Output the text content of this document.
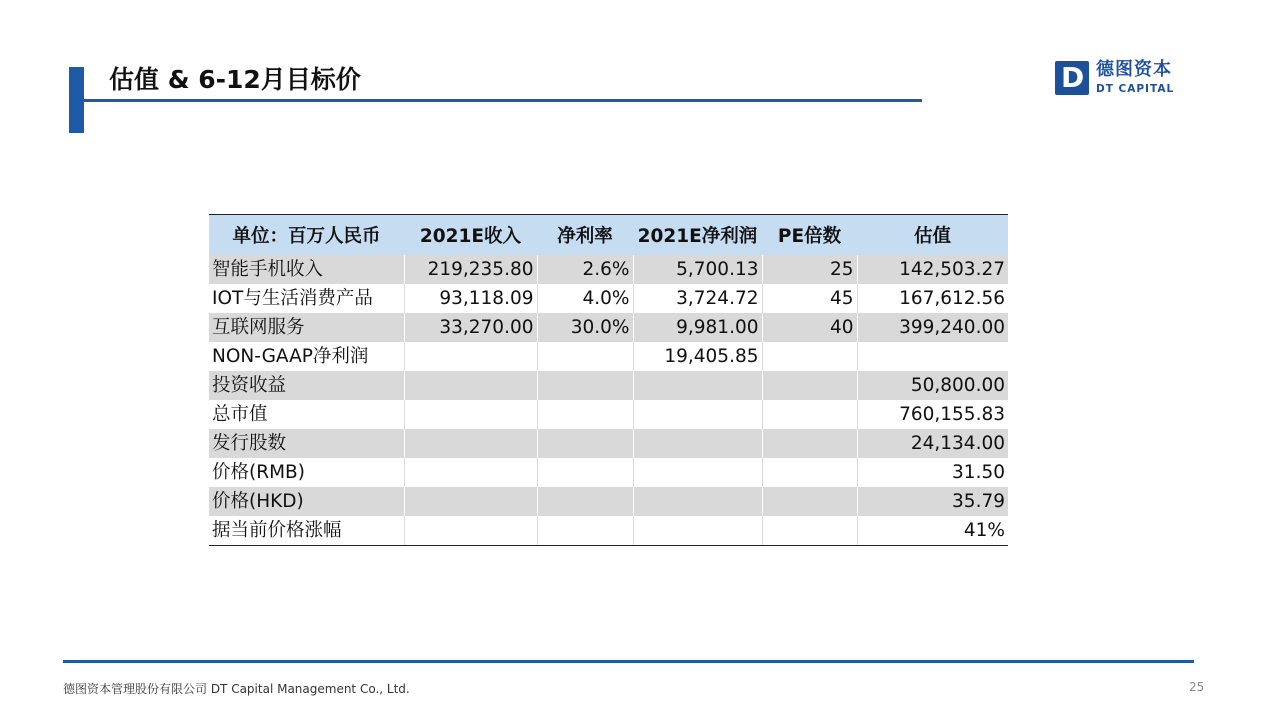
估值 & 6-12月目标价	D 德图资本
DT CAPITAL
单位：百万人民币	2021E收入	净利率	2021E净利润	PE倍数	估值
智能手机收入	219,235.80	2.6%	5,700.13	25	142,503.27
IOT与生活消费产品	93,118.09	4.0%	3,724.72	45	167,612.56
互联网服务	33,270.00	30.0%	9,981.00	40	399,240.00
NON-GAAP净利润			19,405.85		
投资收益					50,800.00
总市值					760,155.83
发行股数					24,134.00
价格(RMB)					31.50
价格(HKD)					35.79
据当前价格涨幅					41%
德图资本管理股份有限公司 DT Capital Management Co., Ltd.	25
